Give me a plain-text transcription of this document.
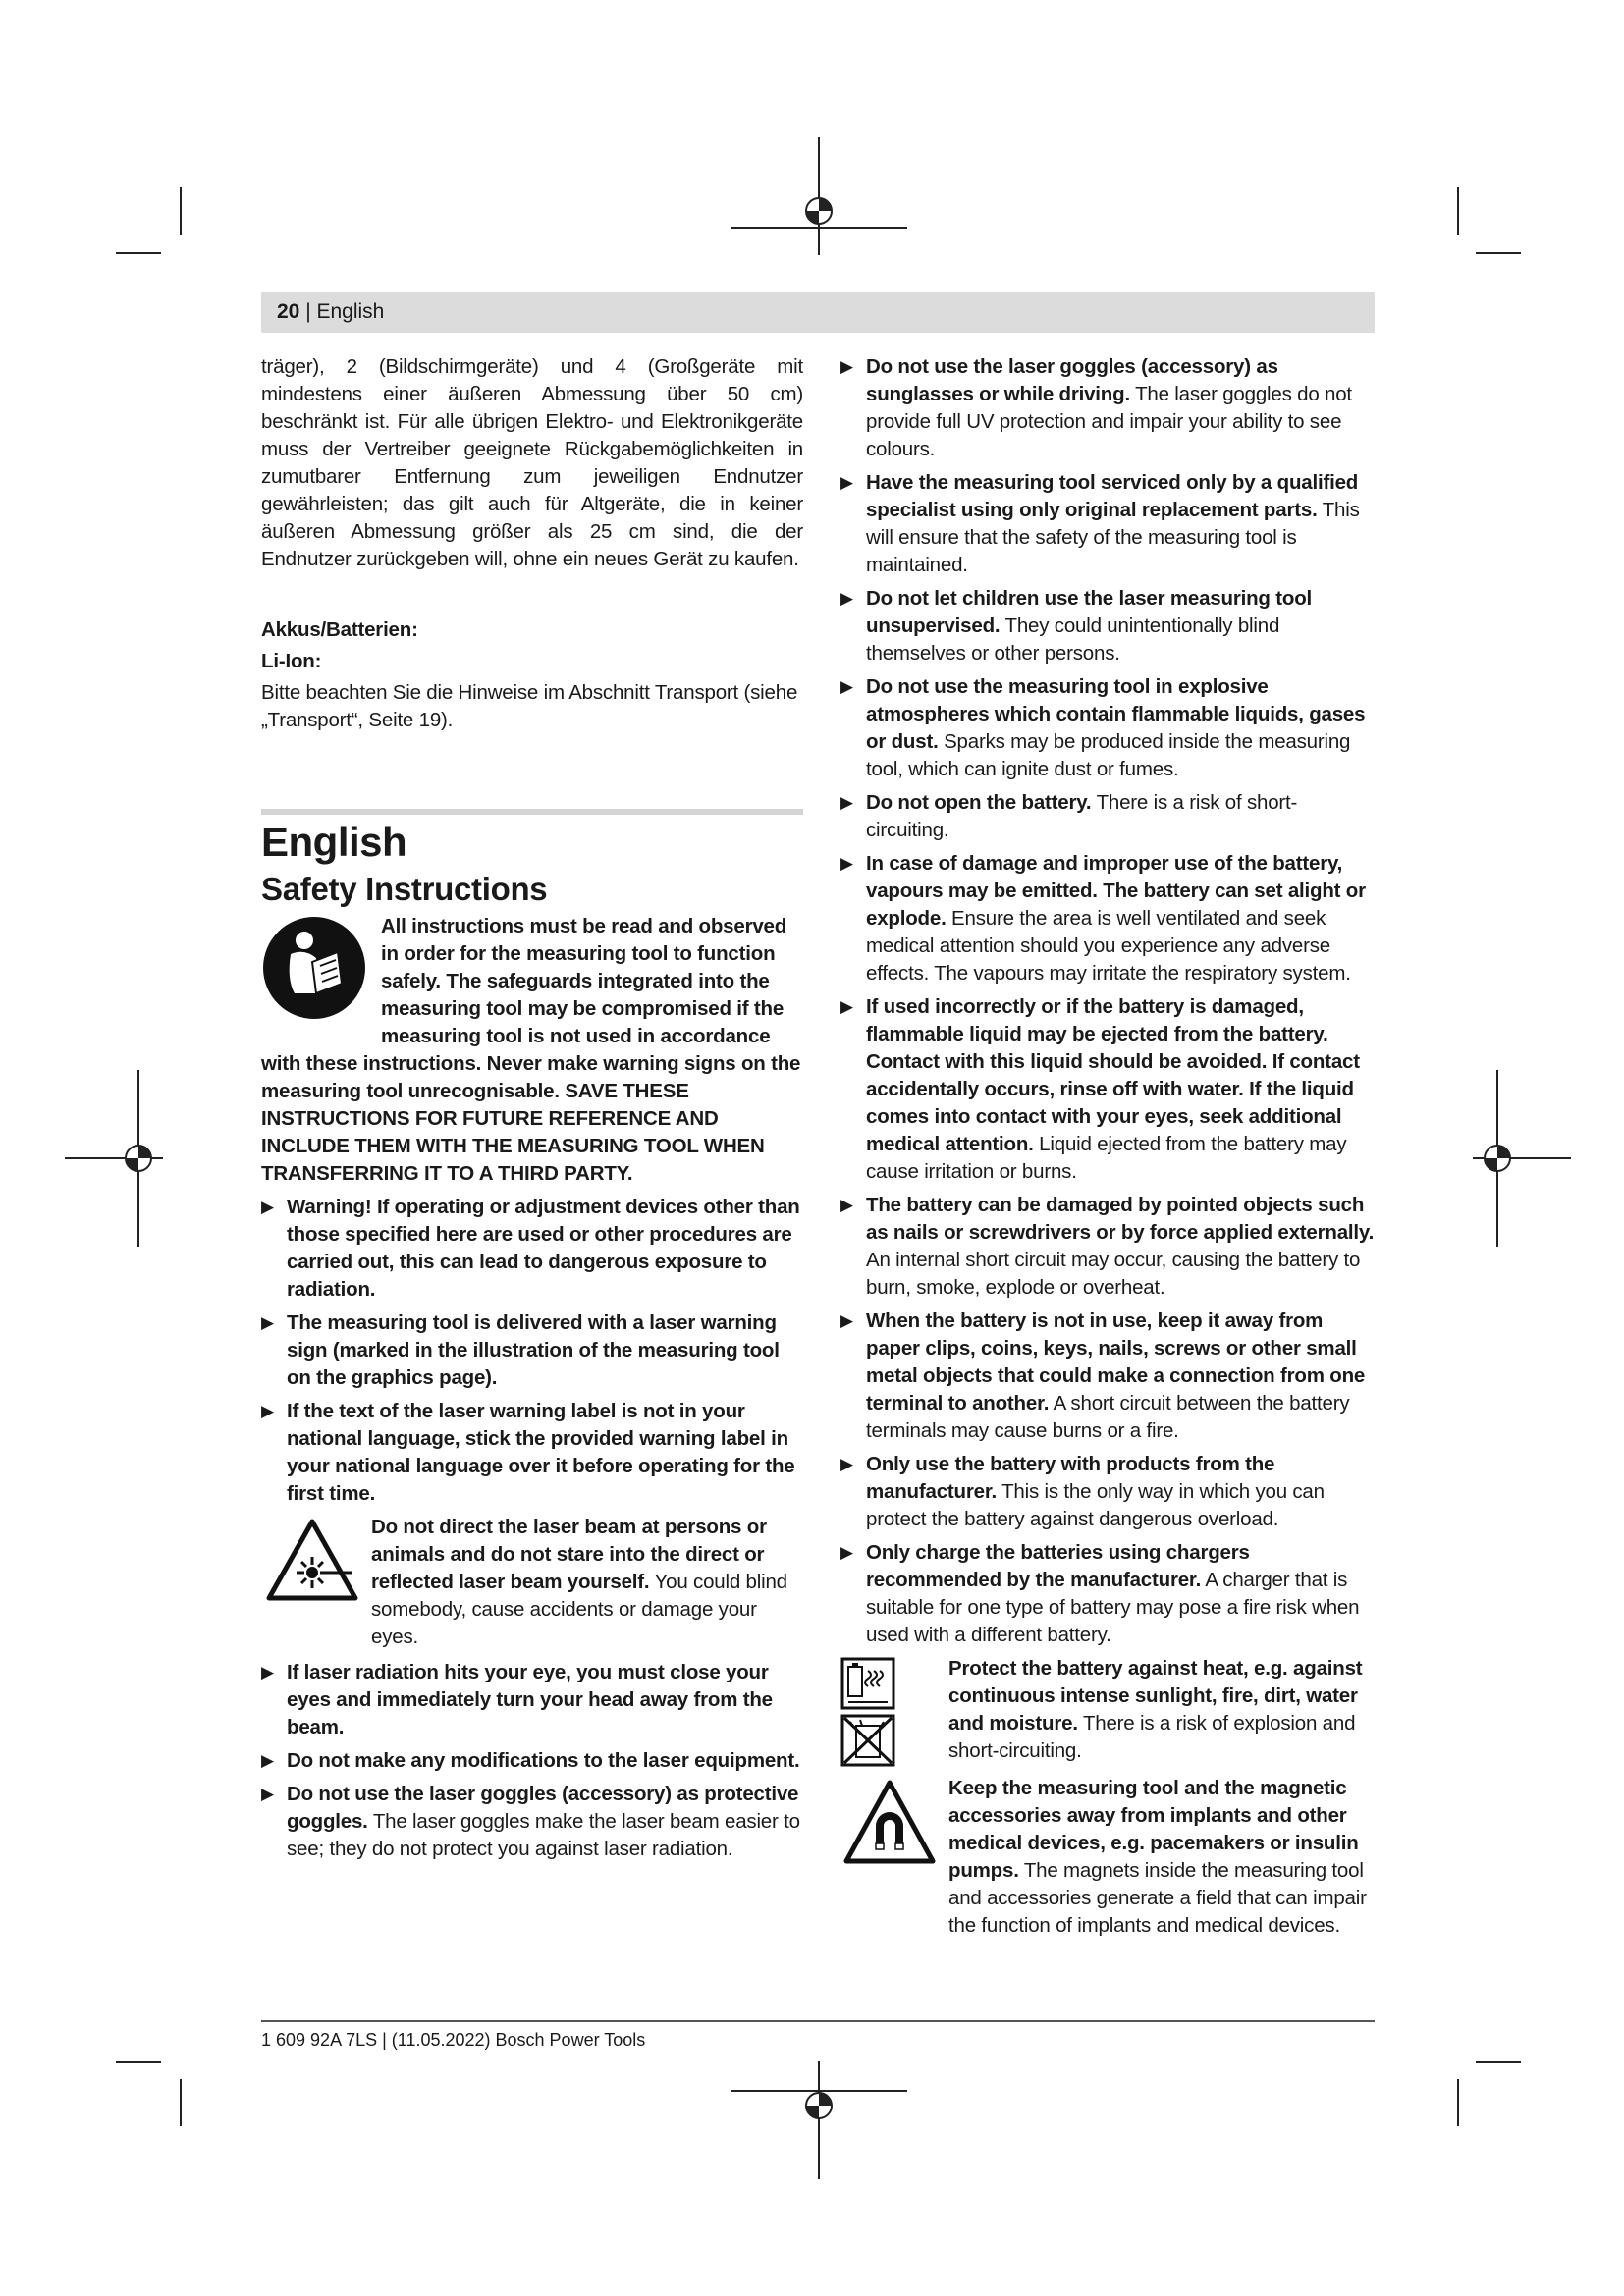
20 | English

träger), 2 (Bildschirmgeräte) und 4 (Großgeräte mit mindestens einer äußeren Abmessung über 50 cm) beschränkt ist. Für alle übrigen Elektro- und Elektronikgeräte muss der Vertreiber geeignete Rückgabemöglichkeiten in zumutbarer Entfernung zum jeweiligen Endnutzer gewährleisten; das gilt auch für Altgeräte, die in keiner äußeren Abmessung größer als 25 cm sind, die der Endnutzer zurückgeben will, ohne ein neues Gerät zu kaufen.

Akkus/Batterien:

Li-Ion:

Bitte beachten Sie die Hinweise im Abschnitt Transport (siehe „Transport“, Seite 19).

English

Safety Instructions

All instructions must be read and observed in order for the measuring tool to function safely. The safeguards integrated into the measuring tool may be compromised if the measuring tool is not used in accordance with these instructions. Never make warning signs on the measuring tool unrecognisable. SAVE THESE INSTRUCTIONS FOR FUTURE REFERENCE AND INCLUDE THEM WITH THE MEASURING TOOL WHEN TRANSFERRING IT TO A THIRD PARTY.

▶ Warning! If operating or adjustment devices other than those specified here are used or other procedures are carried out, this can lead to dangerous exposure to radiation.
▶ The measuring tool is delivered with a laser warning sign (marked in the illustration of the measuring tool on the graphics page).
▶ If the text of the laser warning label is not in your national language, stick the provided warning label in your national language over it before operating for the first time.

Do not direct the laser beam at persons or animals and do not stare into the direct or reflected laser beam yourself. You could blind somebody, cause accidents or damage your eyes.

▶ If laser radiation hits your eye, you must close your eyes and immediately turn your head away from the beam.
▶ Do not make any modifications to the laser equipment.
▶ Do not use the laser goggles (accessory) as protective goggles. The laser goggles make the laser beam easier to see; they do not protect you against laser radiation.
▶ Do not use the laser goggles (accessory) as sunglasses or while driving. The laser goggles do not provide full UV protection and impair your ability to see colours.
▶ Have the measuring tool serviced only by a qualified specialist using only original replacement parts. This will ensure that the safety of the measuring tool is maintained.
▶ Do not let children use the laser measuring tool unsupervised. They could unintentionally blind themselves or other persons.
▶ Do not use the measuring tool in explosive atmospheres which contain flammable liquids, gases or dust. Sparks may be produced inside the measuring tool, which can ignite dust or fumes.
▶ Do not open the battery. There is a risk of short-circuiting.
▶ In case of damage and improper use of the battery, vapours may be emitted. The battery can set alight or explode. Ensure the area is well ventilated and seek medical attention should you experience any adverse effects. The vapours may irritate the respiratory system.
▶ If used incorrectly or if the battery is damaged, flammable liquid may be ejected from the battery. Contact with this liquid should be avoided. If contact accidentally occurs, rinse off with water. If the liquid comes into contact with your eyes, seek additional medical attention. Liquid ejected from the battery may cause irritation or burns.
▶ The battery can be damaged by pointed objects such as nails or screwdrivers or by force applied externally. An internal short circuit may occur, causing the battery to burn, smoke, explode or overheat.
▶ When the battery is not in use, keep it away from paper clips, coins, keys, nails, screws or other small metal objects that could make a connection from one terminal to another. A short circuit between the battery terminals may cause burns or a fire.
▶ Only use the battery with products from the manufacturer. This is the only way in which you can protect the battery against dangerous overload.
▶ Only charge the batteries using chargers recommended by the manufacturer. A charger that is suitable for one type of battery may pose a fire risk when used with a different battery.

Protect the battery against heat, e.g. against continuous intense sunlight, fire, dirt, water and moisture. There is a risk of explosion and short-circuiting.

Keep the measuring tool and the magnetic accessories away from implants and other medical devices, e.g. pacemakers or insulin pumps. The magnets inside the measuring tool and accessories generate a field that can impair the function of implants and medical devices.

1 609 92A 7LS | (11.05.2022) Bosch Power Tools
